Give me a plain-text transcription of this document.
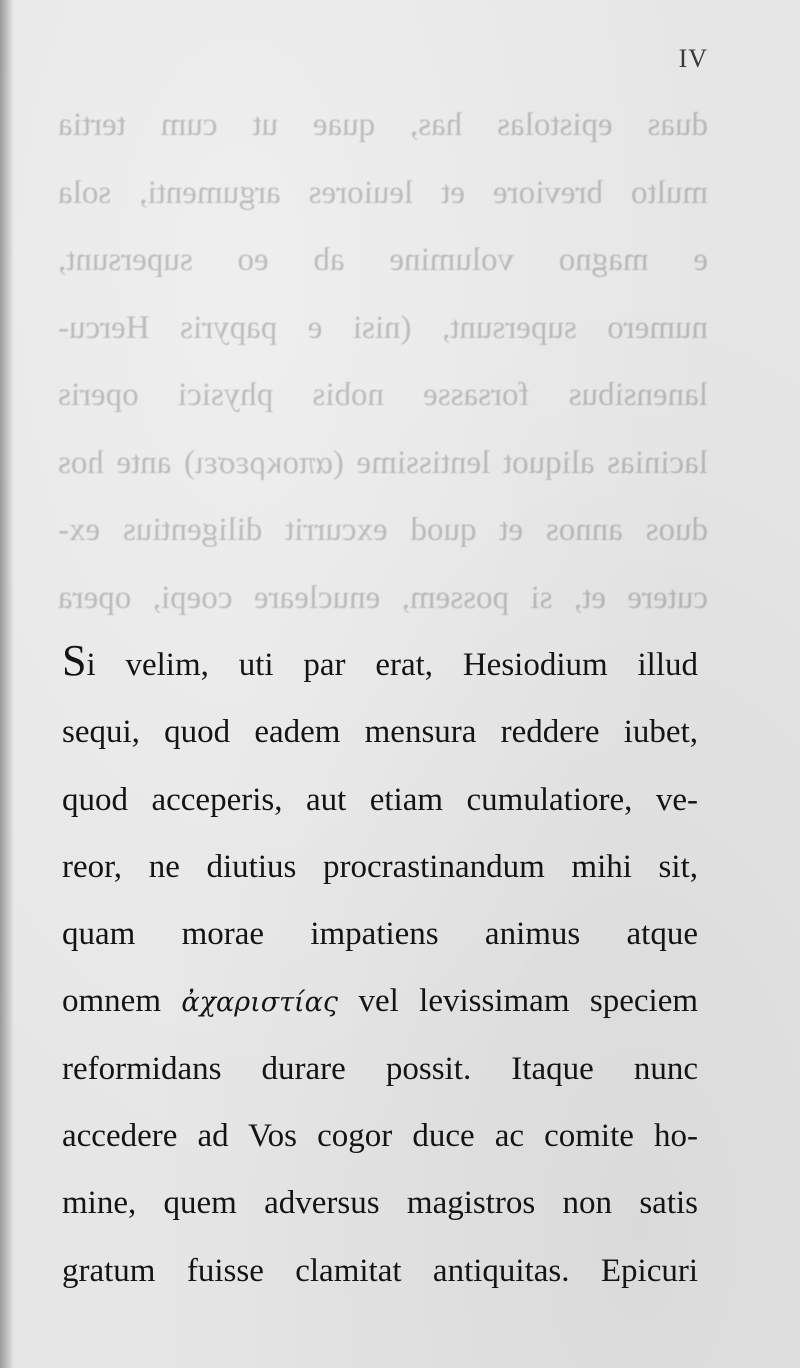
IV
duas epistolas has, quae ut cum tertia
multo breviore et leuiores argumenti, sola
e magno volumine ab eo supersunt,
numero supersunt, (nisi e papyris Hercu-
lanensibus forsasse nobis physici operis
lacinias aliquot lentissime (αποκρεσει) ante hos
duos annos et quod excurrit diligentius ex-
cutere et, si possem, enucleare coepi, opera
Si velim, uti par erat, Hesiodium illud
sequi, quod eadem mensura reddere iubet,
quod acceperis, aut etiam cumulatiore, ve-
reor, ne diutius procrastinandum mihi sit,
quam morae impatiens animus atque
omnem ἀχαριστίας vel levissimam speciem
reformidans durare possit. Itaque nunc
accedere ad Vos cogor duce ac comite ho-
mine, quem adversus magistros non satis
gratum fuisse clamitat antiquitas. Epicuri
